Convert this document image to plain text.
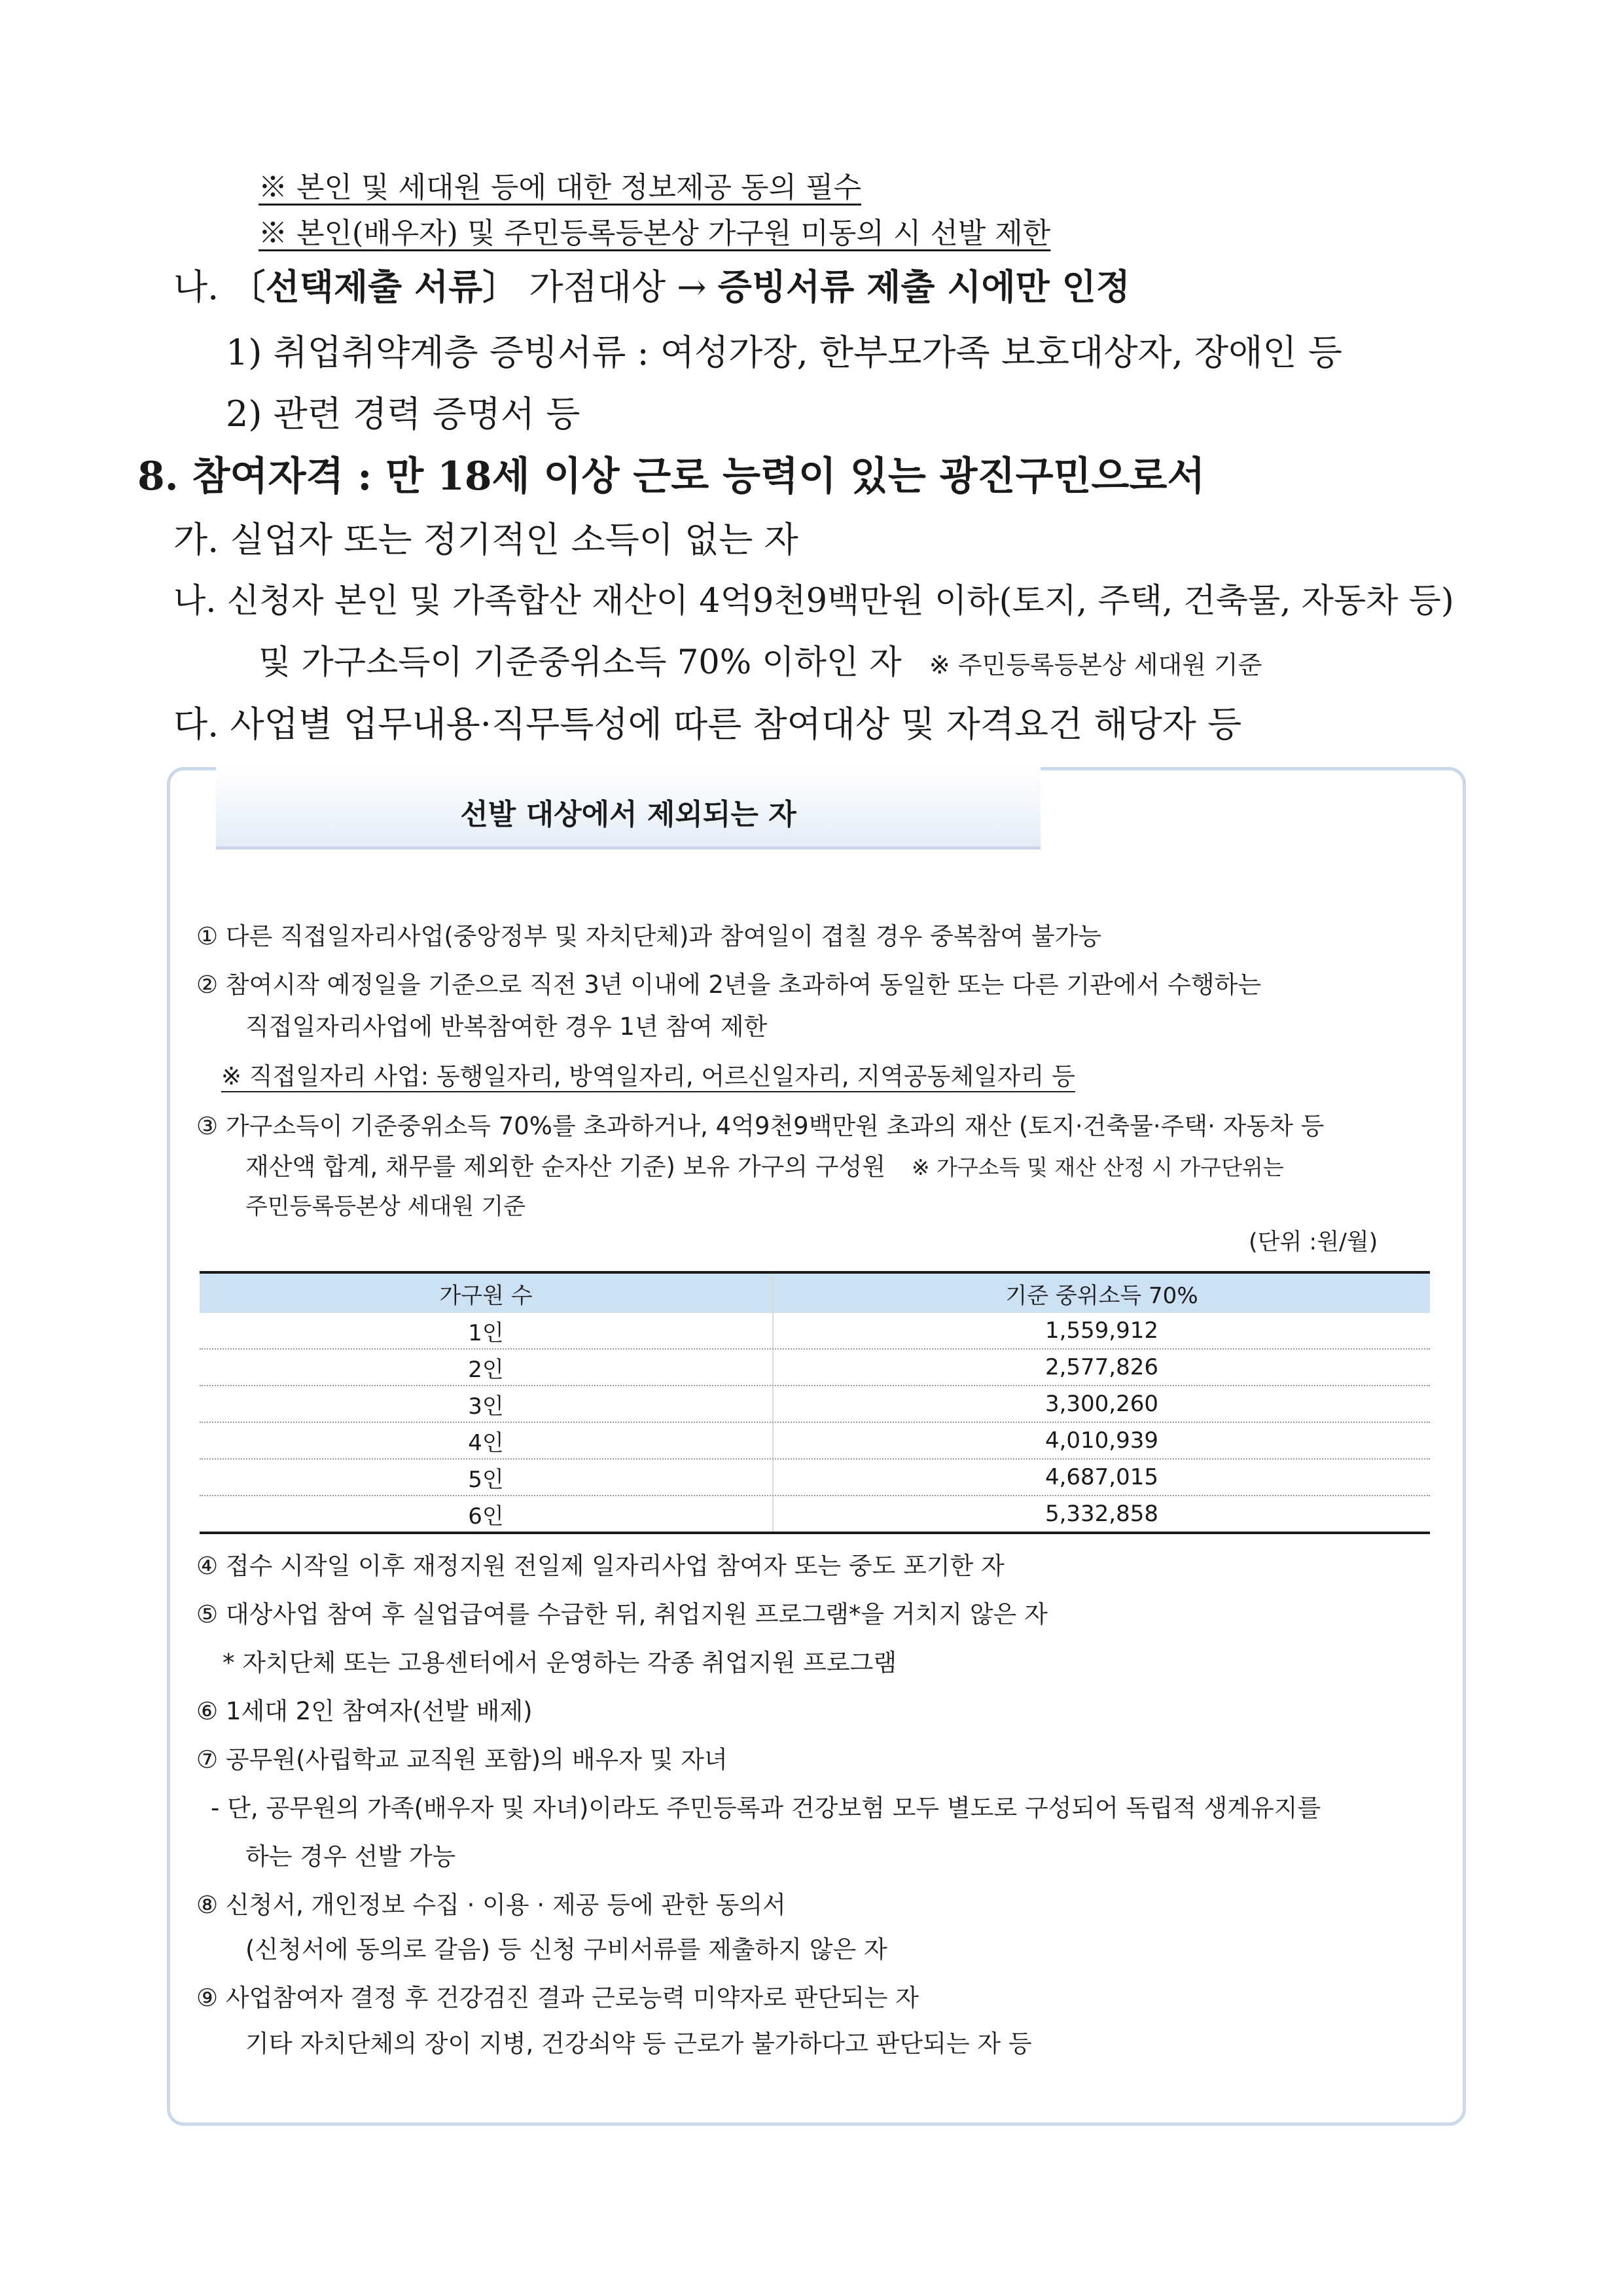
※ 본인 및 세대원 등에 대한 정보제공 동의 필수
※ 본인(배우자) 및 주민등록등본상 가구원 미동의 시 선발 제한
나. 〔선택제출 서류〕 가점대상 → 증빙서류 제출 시에만 인정
1) 취업취약계층 증빙서류 : 여성가장, 한부모가족 보호대상자, 장애인 등
2) 관련 경력 증명서 등
8. 참여자격 : 만 18세 이상 근로 능력이 있는 광진구민으로서
가. 실업자 또는 정기적인 소득이 없는 자
나. 신청자 본인 및 가족합산 재산이 4억9천9백만원 이하(토지, 주택, 건축물, 자동차 등)
및 가구소득이 기준중위소득 70% 이하인 자 ※ 주민등록등본상 세대원 기준
다. 사업별 업무내용·직무특성에 따른 참여대상 및 자격요건 해당자 등
선발 대상에서 제외되는 자
① 다른 직접일자리사업(중앙정부 및 자치단체)과 참여일이 겹칠 경우 중복참여 불가능
② 참여시작 예정일을 기준으로 직전 3년 이내에 2년을 초과하여 동일한 또는 다른 기관에서 수행하는
직접일자리사업에 반복참여한 경우 1년 참여 제한
※ 직접일자리 사업: 동행일자리, 방역일자리, 어르신일자리, 지역공동체일자리 등
③ 가구소득이 기준중위소득 70%를 초과하거나, 4억9천9백만원 초과의 재산 (토지·건축물·주택· 자동차 등
재산액 합계, 채무를 제외한 순자산 기준) 보유 가구의 구성원 ※ 가구소득 및 재산 산정 시 가구단위는
주민등록등본상 세대원 기준
(단위 :원/월)
가구원 수	기준 중위소득 70%
1인	1,559,912
2인	2,577,826
3인	3,300,260
4인	4,010,939
5인	4,687,015
6인	5,332,858
④ 접수 시작일 이후 재정지원 전일제 일자리사업 참여자 또는 중도 포기한 자
⑤ 대상사업 참여 후 실업급여를 수급한 뒤, 취업지원 프로그램*을 거치지 않은 자
* 자치단체 또는 고용센터에서 운영하는 각종 취업지원 프로그램
⑥ 1세대 2인 참여자(선발 배제)
⑦ 공무원(사립학교 교직원 포함)의 배우자 및 자녀
- 단, 공무원의 가족(배우자 및 자녀)이라도 주민등록과 건강보험 모두 별도로 구성되어 독립적 생계유지를
하는 경우 선발 가능
⑧ 신청서, 개인정보 수집 · 이용 · 제공 등에 관한 동의서
(신청서에 동의로 갈음) 등 신청 구비서류를 제출하지 않은 자
⑨ 사업참여자 결정 후 건강검진 결과 근로능력 미약자로 판단되는 자
기타 자치단체의 장이 지병, 건강쇠약 등 근로가 불가하다고 판단되는 자 등
